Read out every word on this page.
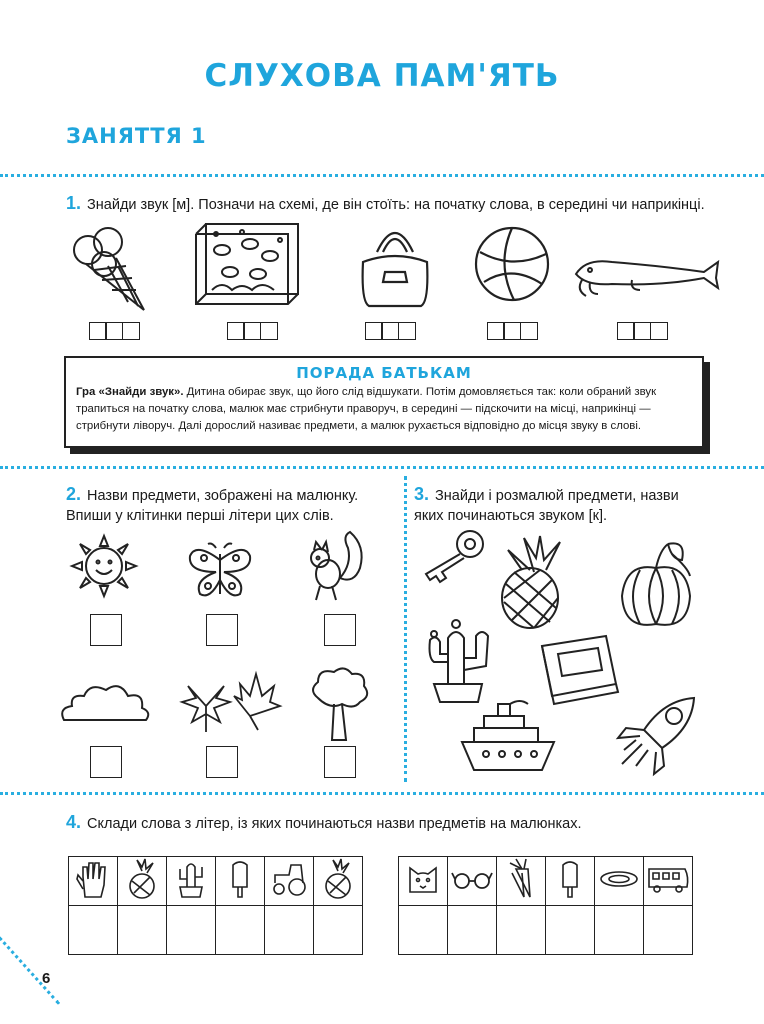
СЛУХОВА ПАМ'ЯТЬ
ЗАНЯТТЯ 1
1. Знайди звук [м]. Позначи на схемі, де він стоїть: на початку слова, в середині чи наприкінці.
ПОРАДА БАТЬКАМ
Гра «Знайди звук». Дитина обирає звук, що його слід відшукати. Потім домовляється так: коли обраний звук трапиться на початку слова, малюк має стрибнути праворуч, в середині — підскочити на місці, наприкінці — стрибнути ліворуч. Далі дорослий називає предмети, а малюк рухається відповідно до місця звуку в слові.
2. Назви предмети, зображені на малюнку.
Впиши у клітинки перші літери цих слів.
3. Знайди і розмалюй предмети, назви
яких починаються звуком [к].
4. Склади слова з літер, із яких починаються назви предметів на малюнках.

6
